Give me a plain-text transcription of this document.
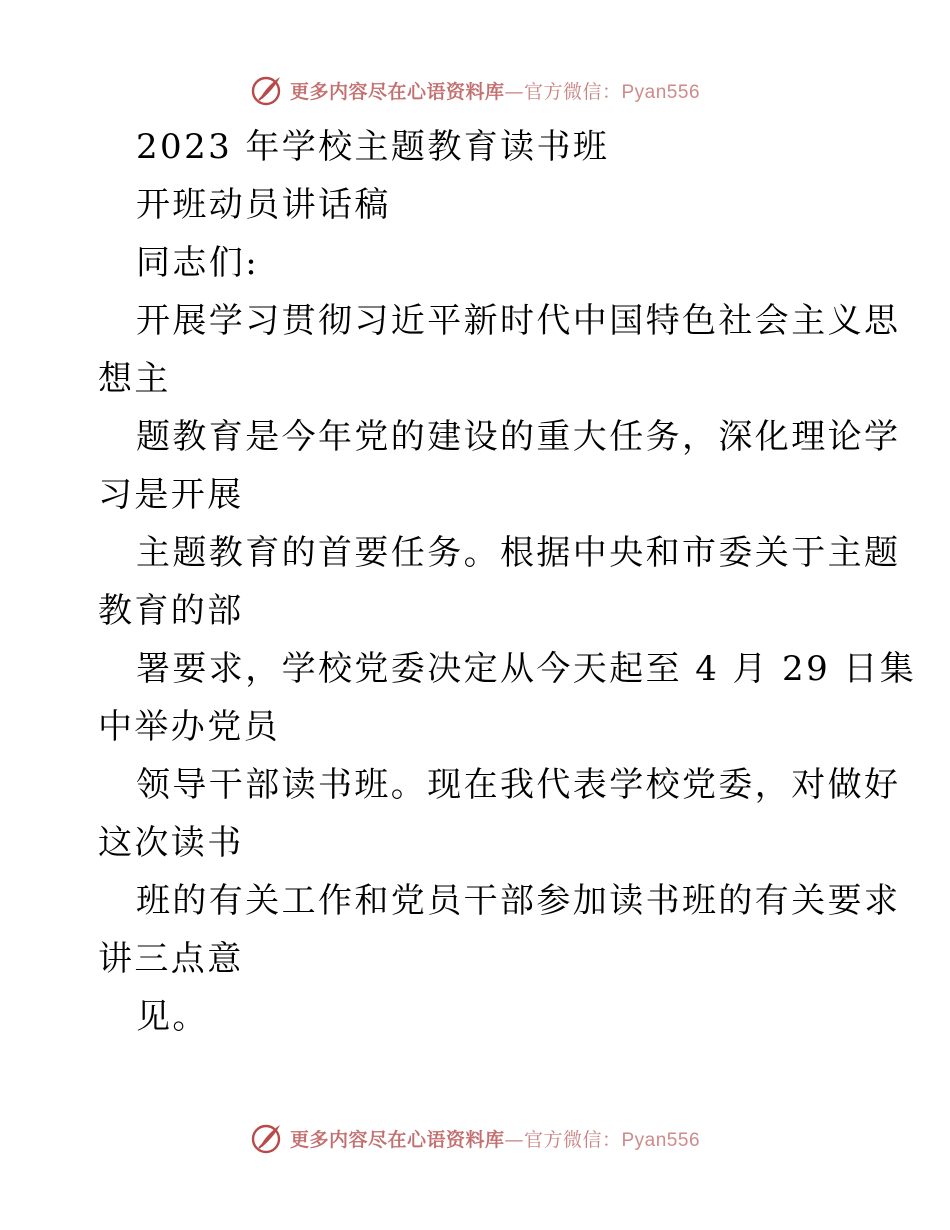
更多内容尽在心语资料库—官方微信：Pyan556
2023 年学校主题教育读书班
开班动员讲话稿
同志们:
开展学习贯彻习近平新时代中国特色社会主义思
想主
题教育是今年党的建设的重大任务，深化理论学
习是开展
主题教育的首要任务。根据中央和市委关于主题
教育的部
署要求，学校党委决定从今天起至 4 月 29 日集
中举办党员
领导干部读书班。现在我代表学校党委，对做好
这次读书
班的有关工作和党员干部参加读书班的有关要求
讲三点意
见。
更多内容尽在心语资料库—官方微信：Pyan556
